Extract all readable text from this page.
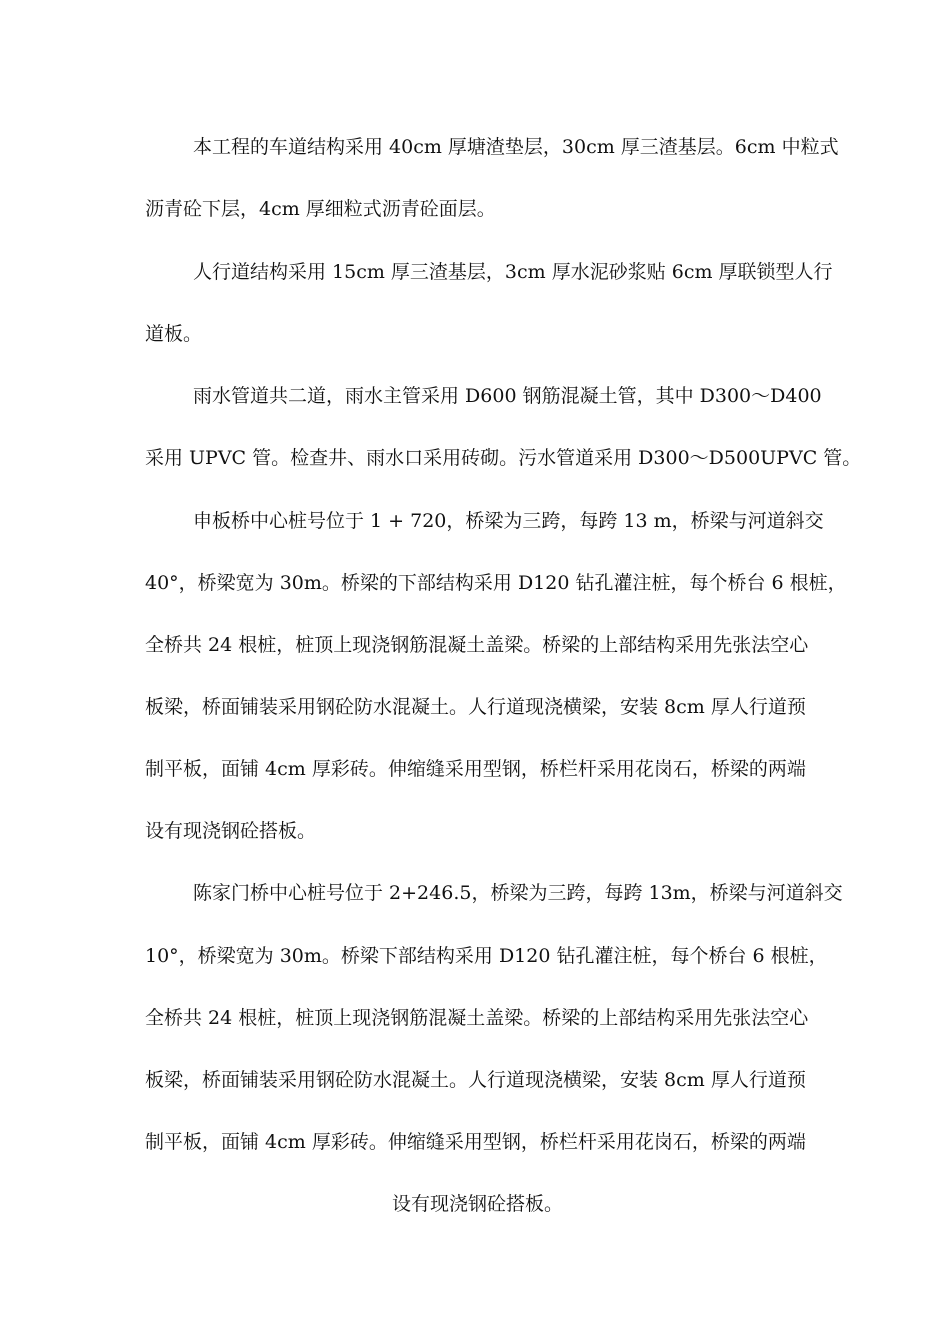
本工程的车道结构采用 40cm 厚塘渣垫层，30cm 厚三渣基层。6cm 中粒式
沥青砼下层，4cm 厚细粒式沥青砼面层。
人行道结构采用 15cm 厚三渣基层，3cm 厚水泥砂浆贴 6cm 厚联锁型人行
道板。
雨水管道共二道，雨水主管采用 D600 钢筋混凝土管，其中 D300～D400
采用 UPVC 管。检查井、雨水口采用砖砌。污水管道采用 D300～D500UPVC 管。
申板桥中心桩号位于 1 + 720，桥梁为三跨，每跨 13 m，桥梁与河道斜交
40°，桥梁宽为 30m。桥梁的下部结构采用 D120 钻孔灌注桩，每个桥台 6 根桩，
全桥共 24 根桩，桩顶上现浇钢筋混凝土盖梁。桥梁的上部结构采用先张法空心
板梁，桥面铺装采用钢砼防水混凝土。人行道现浇横梁，安装 8cm 厚人行道预
制平板，面铺 4cm 厚彩砖。伸缩缝采用型钢，桥栏杆采用花岗石，桥梁的两端
设有现浇钢砼搭板。
陈家门桥中心桩号位于 2+246.5，桥梁为三跨，每跨 13m，桥梁与河道斜交
10°，桥梁宽为 30m。桥梁下部结构采用 D120 钻孔灌注桩，每个桥台 6 根桩，
全桥共 24 根桩，桩顶上现浇钢筋混凝土盖梁。桥梁的上部结构采用先张法空心
板梁，桥面铺装采用钢砼防水混凝土。人行道现浇横梁，安装 8cm 厚人行道预
制平板，面铺 4cm 厚彩砖。伸缩缝采用型钢，桥栏杆采用花岗石，桥梁的两端
设有现浇钢砼搭板。
